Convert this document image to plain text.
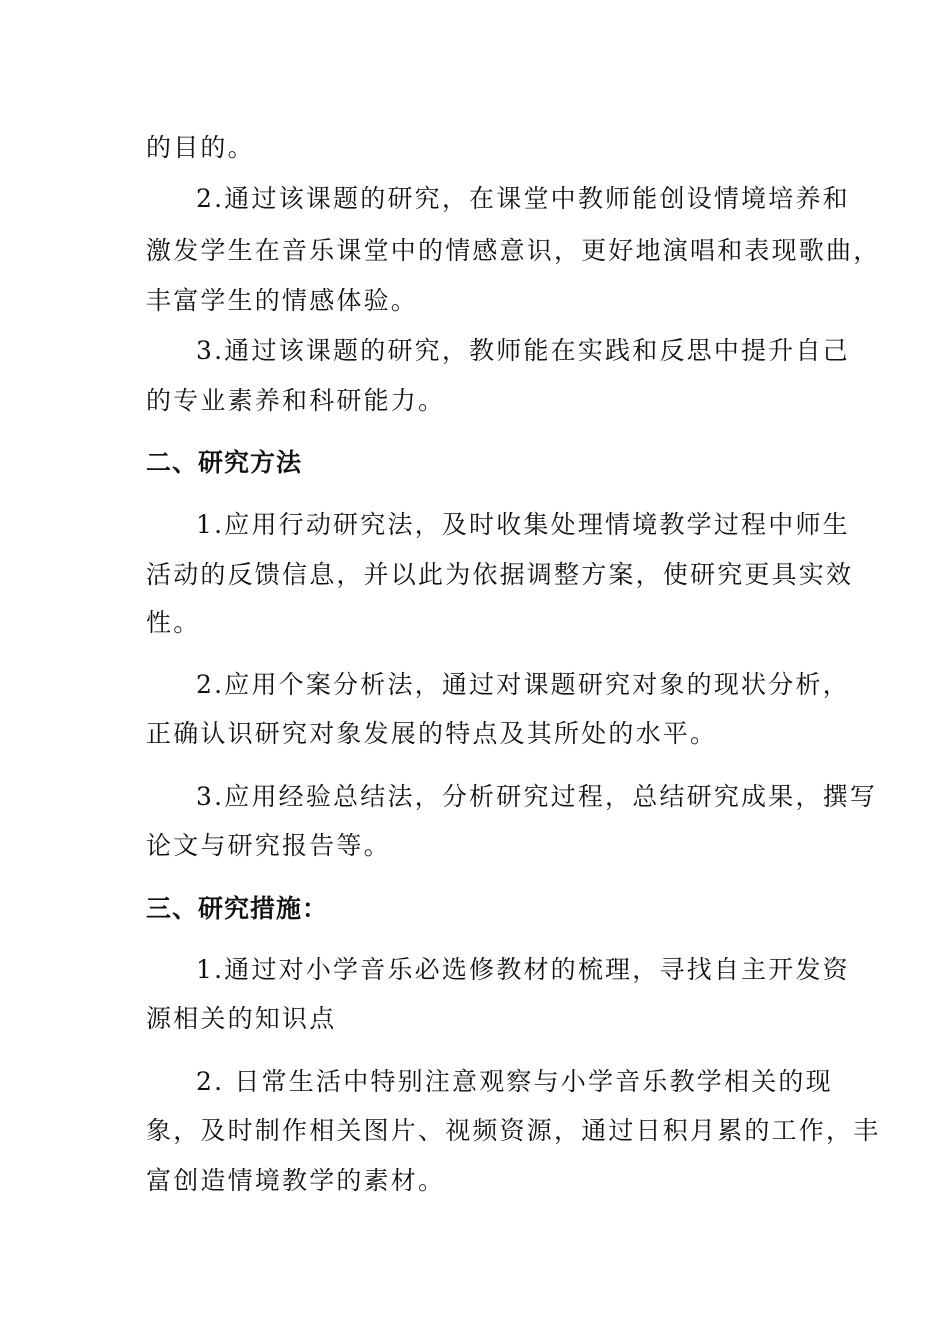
的目的。
2.通过该课题的研究，在课堂中教师能创设情境培养和
激发学生在音乐课堂中的情感意识，更好地演唱和表现歌曲，
丰富学生的情感体验。
3.通过该课题的研究，教师能在实践和反思中提升自己
的专业素养和科研能力。
二、研究方法
1.应用行动研究法，及时收集处理情境教学过程中师生
活动的反馈信息，并以此为依据调整方案，使研究更具实效
性。
2.应用个案分析法，通过对课题研究对象的现状分析，
正确认识研究对象发展的特点及其所处的水平。
3.应用经验总结法，分析研究过程，总结研究成果，撰写
论文与研究报告等。
三、研究措施：
1.通过对小学音乐必选修教材的梳理，寻找自主开发资
源相关的知识点
2. 日常生活中特别注意观察与小学音乐教学相关的现
象，及时制作相关图片、视频资源，通过日积月累的工作，丰
富创造情境教学的素材。
